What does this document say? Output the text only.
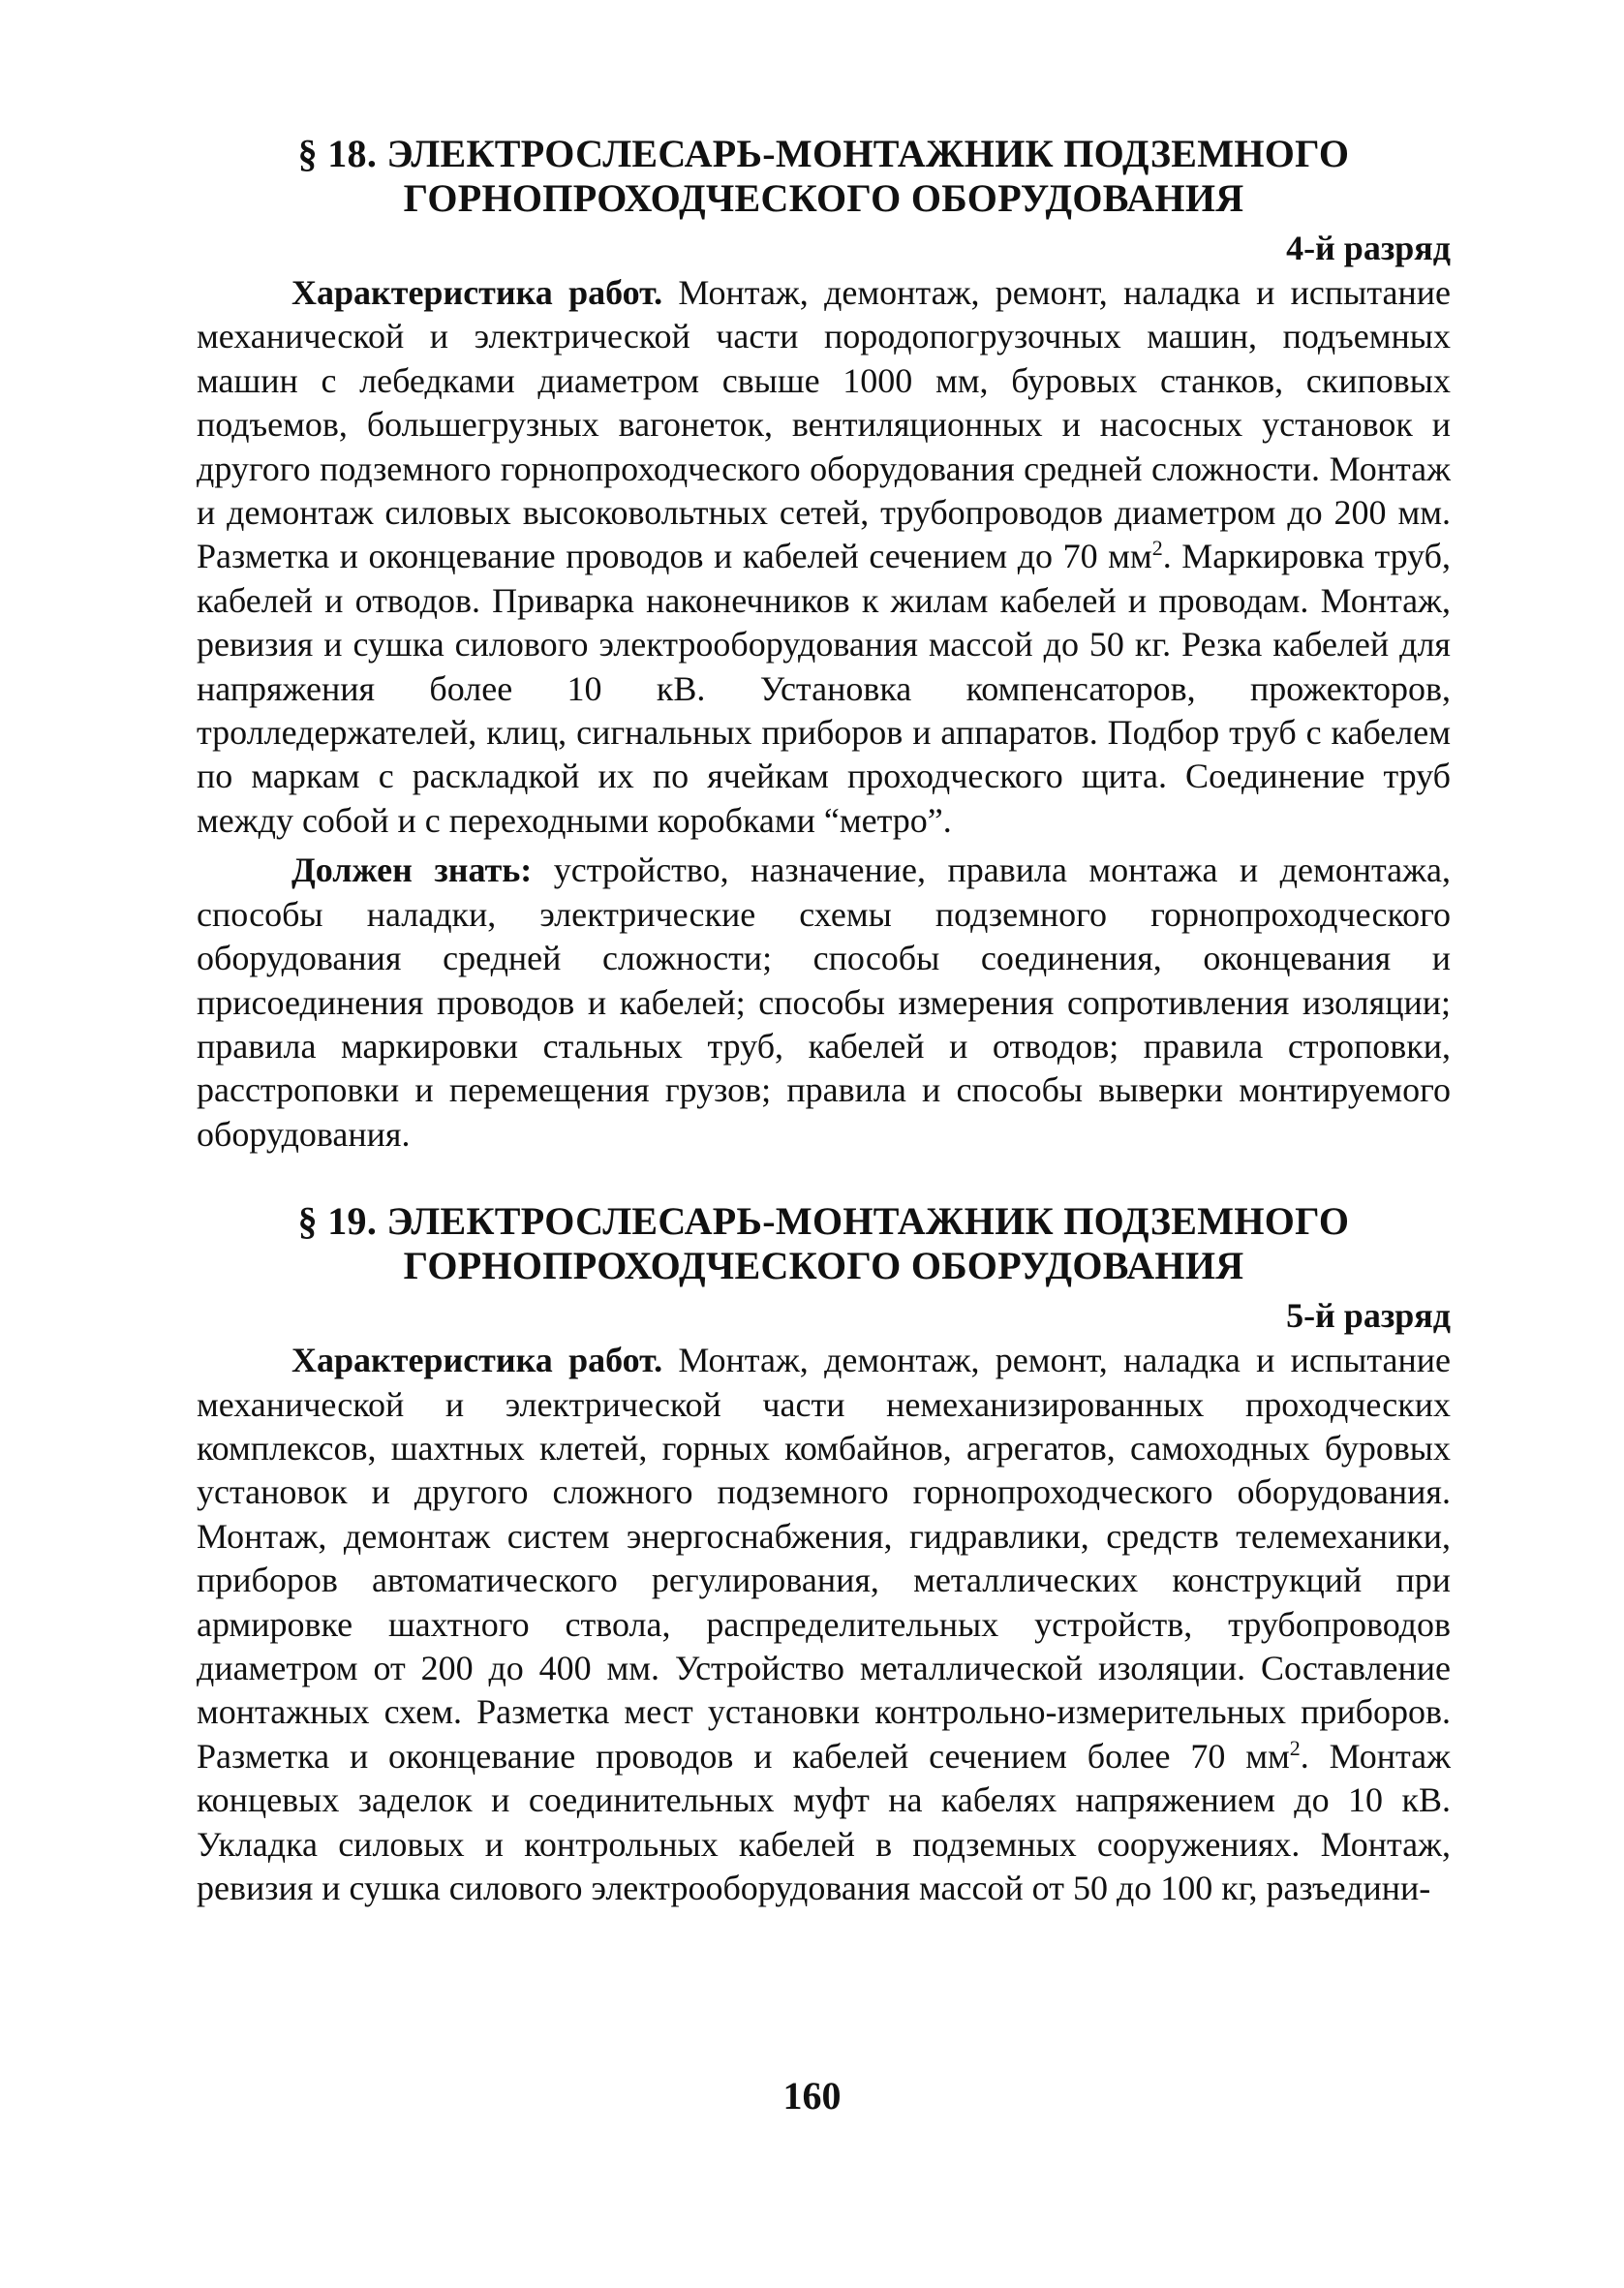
§ 18. ЭЛЕКТРОСЛЕСАРЬ-МОНТАЖНИК ПОДЗЕМНОГО

ГОРНОПРОХОДЧЕСКОГО ОБОРУДОВАНИЯ

4-й разряд

Характеристика работ. Монтаж, демонтаж, ремонт, наладка и испытание механической и электрической части породопогрузочных машин, подъемных машин с лебедками диаметром свыше 1000 мм, буровых станков, скиповых подъемов, большегрузных вагонеток, вентиляционных и насосных установок и другого подземного горнопроходческого оборудования средней сложности. Монтаж и демонтаж силовых высоковольтных сетей, трубопроводов диаметром до 200 мм. Разметка и оконцевание проводов и кабелей сечением до 70 $мм^2$. Маркировка труб, кабелей и отводов. Приварка наконечников к жилам кабелей и проводам. Монтаж, ревизия и сушка силового электрооборудования массой до 50 кг. Резка кабелей для напряжения более 10 кВ. Установка компенсаторов, прожекторов, тролледержателей, клиц, сигнальных приборов и аппаратов. Подбор труб с кабелем по маркам с раскладкой их по ячейкам проходческого щита. Соединение труб между собой и с переходными коробками “метро”.

Должен знать: устройство, назначение, правила монтажа и демонтажа, способы наладки, электрические схемы подземного горнопроходческого оборудования средней сложности; способы соединения, оконцевания и присоединения проводов и кабелей; способы измерения сопротивления изоляции; правила маркировки стальных труб, кабелей и отводов; правила строповки, расстроповки и перемещения грузов; правила и способы выверки монтируемого оборудования.

§ 19. ЭЛЕКТРОСЛЕСАРЬ-МОНТАЖНИК ПОДЗЕМНОГО

ГОРНОПРОХОДЧЕСКОГО ОБОРУДОВАНИЯ

5-й разряд

Характеристика работ. Монтаж, демонтаж, ремонт, наладка и испытание механической и электрической части немеханизированных проходческих комплексов, шахтных клетей, горных комбайнов, агрегатов, самоходных буровых установок и другого сложного подземного горнопроходческого оборудования. Монтаж, демонтаж систем энергоснабжения, гидравлики, средств телемеханики, приборов автоматического регулирования, металлических конструкций при армировке шахтного ствола, распределительных устройств, трубопроводов диаметром от 200 до 400 мм. Устройство металлической изоляции. Составление монтажных схем. Разметка мест установки контрольно-измерительных приборов. Разметка и оконцевание проводов и кабелей сечением более 70 $мм^2$. Монтаж концевых заделок и соединительных муфт на кабелях напряжением до 10 кВ. Укладка силовых и контрольных кабелей в подземных сооружениях. Монтаж, ревизия и сушка силового электрооборудования массой от 50 до 100 кг, разъедини-

160
